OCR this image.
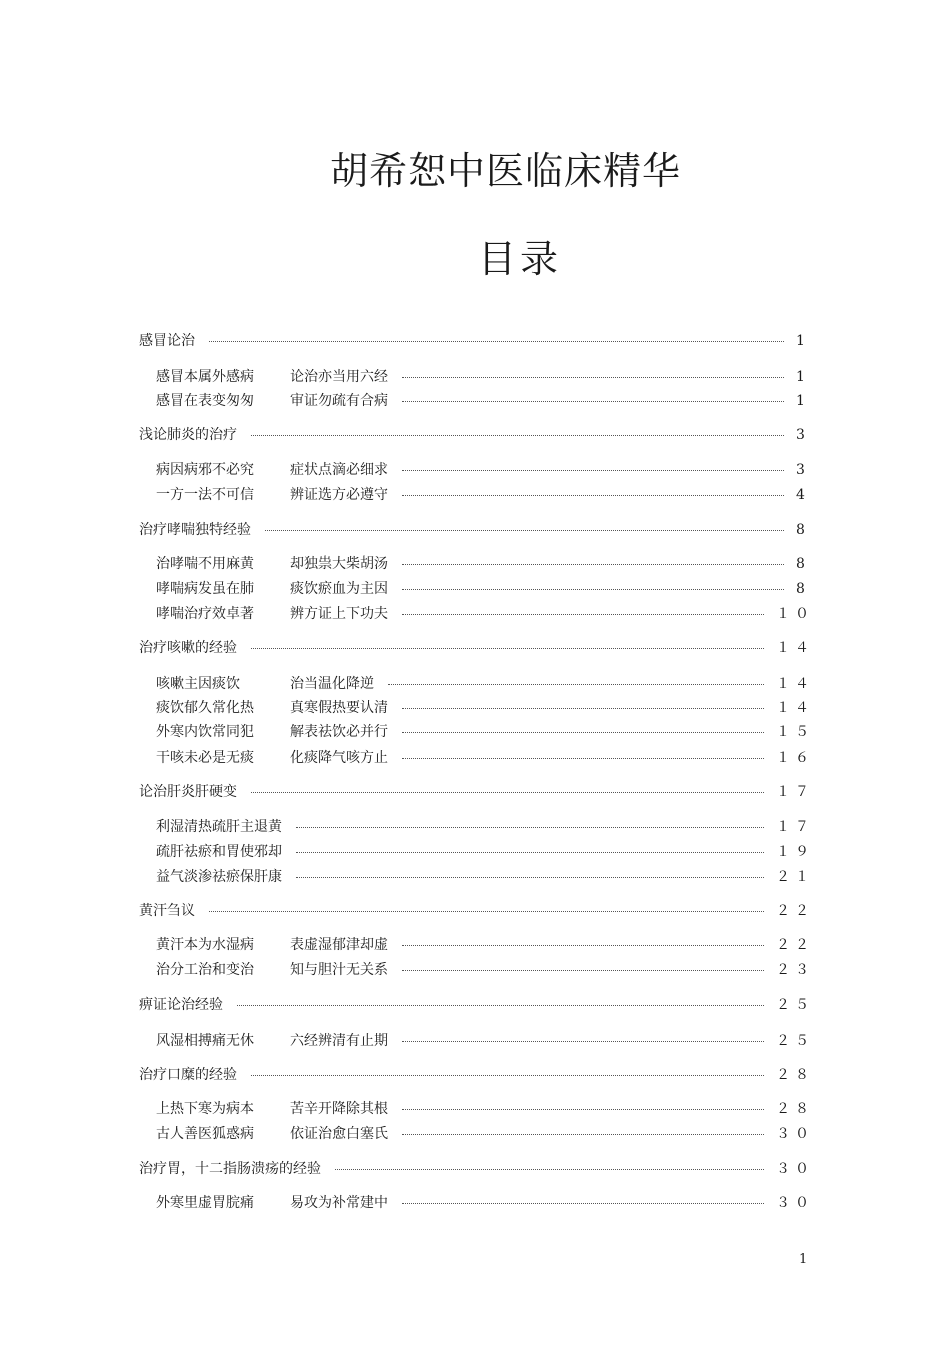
胡希恕中医临床精华
目录
感冒论治	1
感冒本属外感病	论治亦当用六经	1
感冒在表变匆匆	审证勿疏有合病	1
浅论肺炎的治疗	3
病因病邪不必究	症状点滴必细求	3
一方一法不可信	辨证选方必遵守	4
治疗哮喘独特经验	8
治哮喘不用麻黄	却独祟大柴胡汤	8
哮喘病发虽在肺	痰饮瘀血为主因	8
哮喘治疗效卓著	辨方证上下功夫	１０
治疗咳嗽的经验	１４
咳嗽主因痰饮	治当温化降逆	１４
痰饮郁久常化热	真寒假热要认清	１４
外寒内饮常同犯	解表祛饮必并行	１５
干咳未必是无痰	化痰降气咳方止	１６
论治肝炎肝硬变	１７
利湿清热疏肝主退黄	１７
疏肝祛瘀和胃使邪却	１９
益气淡渗祛瘀保肝康	２１
黄汗刍议	２２
黄汗本为水湿病	表虚湿郁津却虚	２２
治分工治和变治	知与胆汁无关系	２３
痹证论治经验	２５
风湿相搏痛无休	六经辨清有止期	２５
治疗口糜的经验	２８
上热下寒为病本	苦辛开降除其根	２８
古人善医狐惑病	依证治愈白塞氏	３０
治疗胃，十二指肠溃疡的经验	３０
外寒里虚胃脘痛	易攻为补常建中	３０
1
